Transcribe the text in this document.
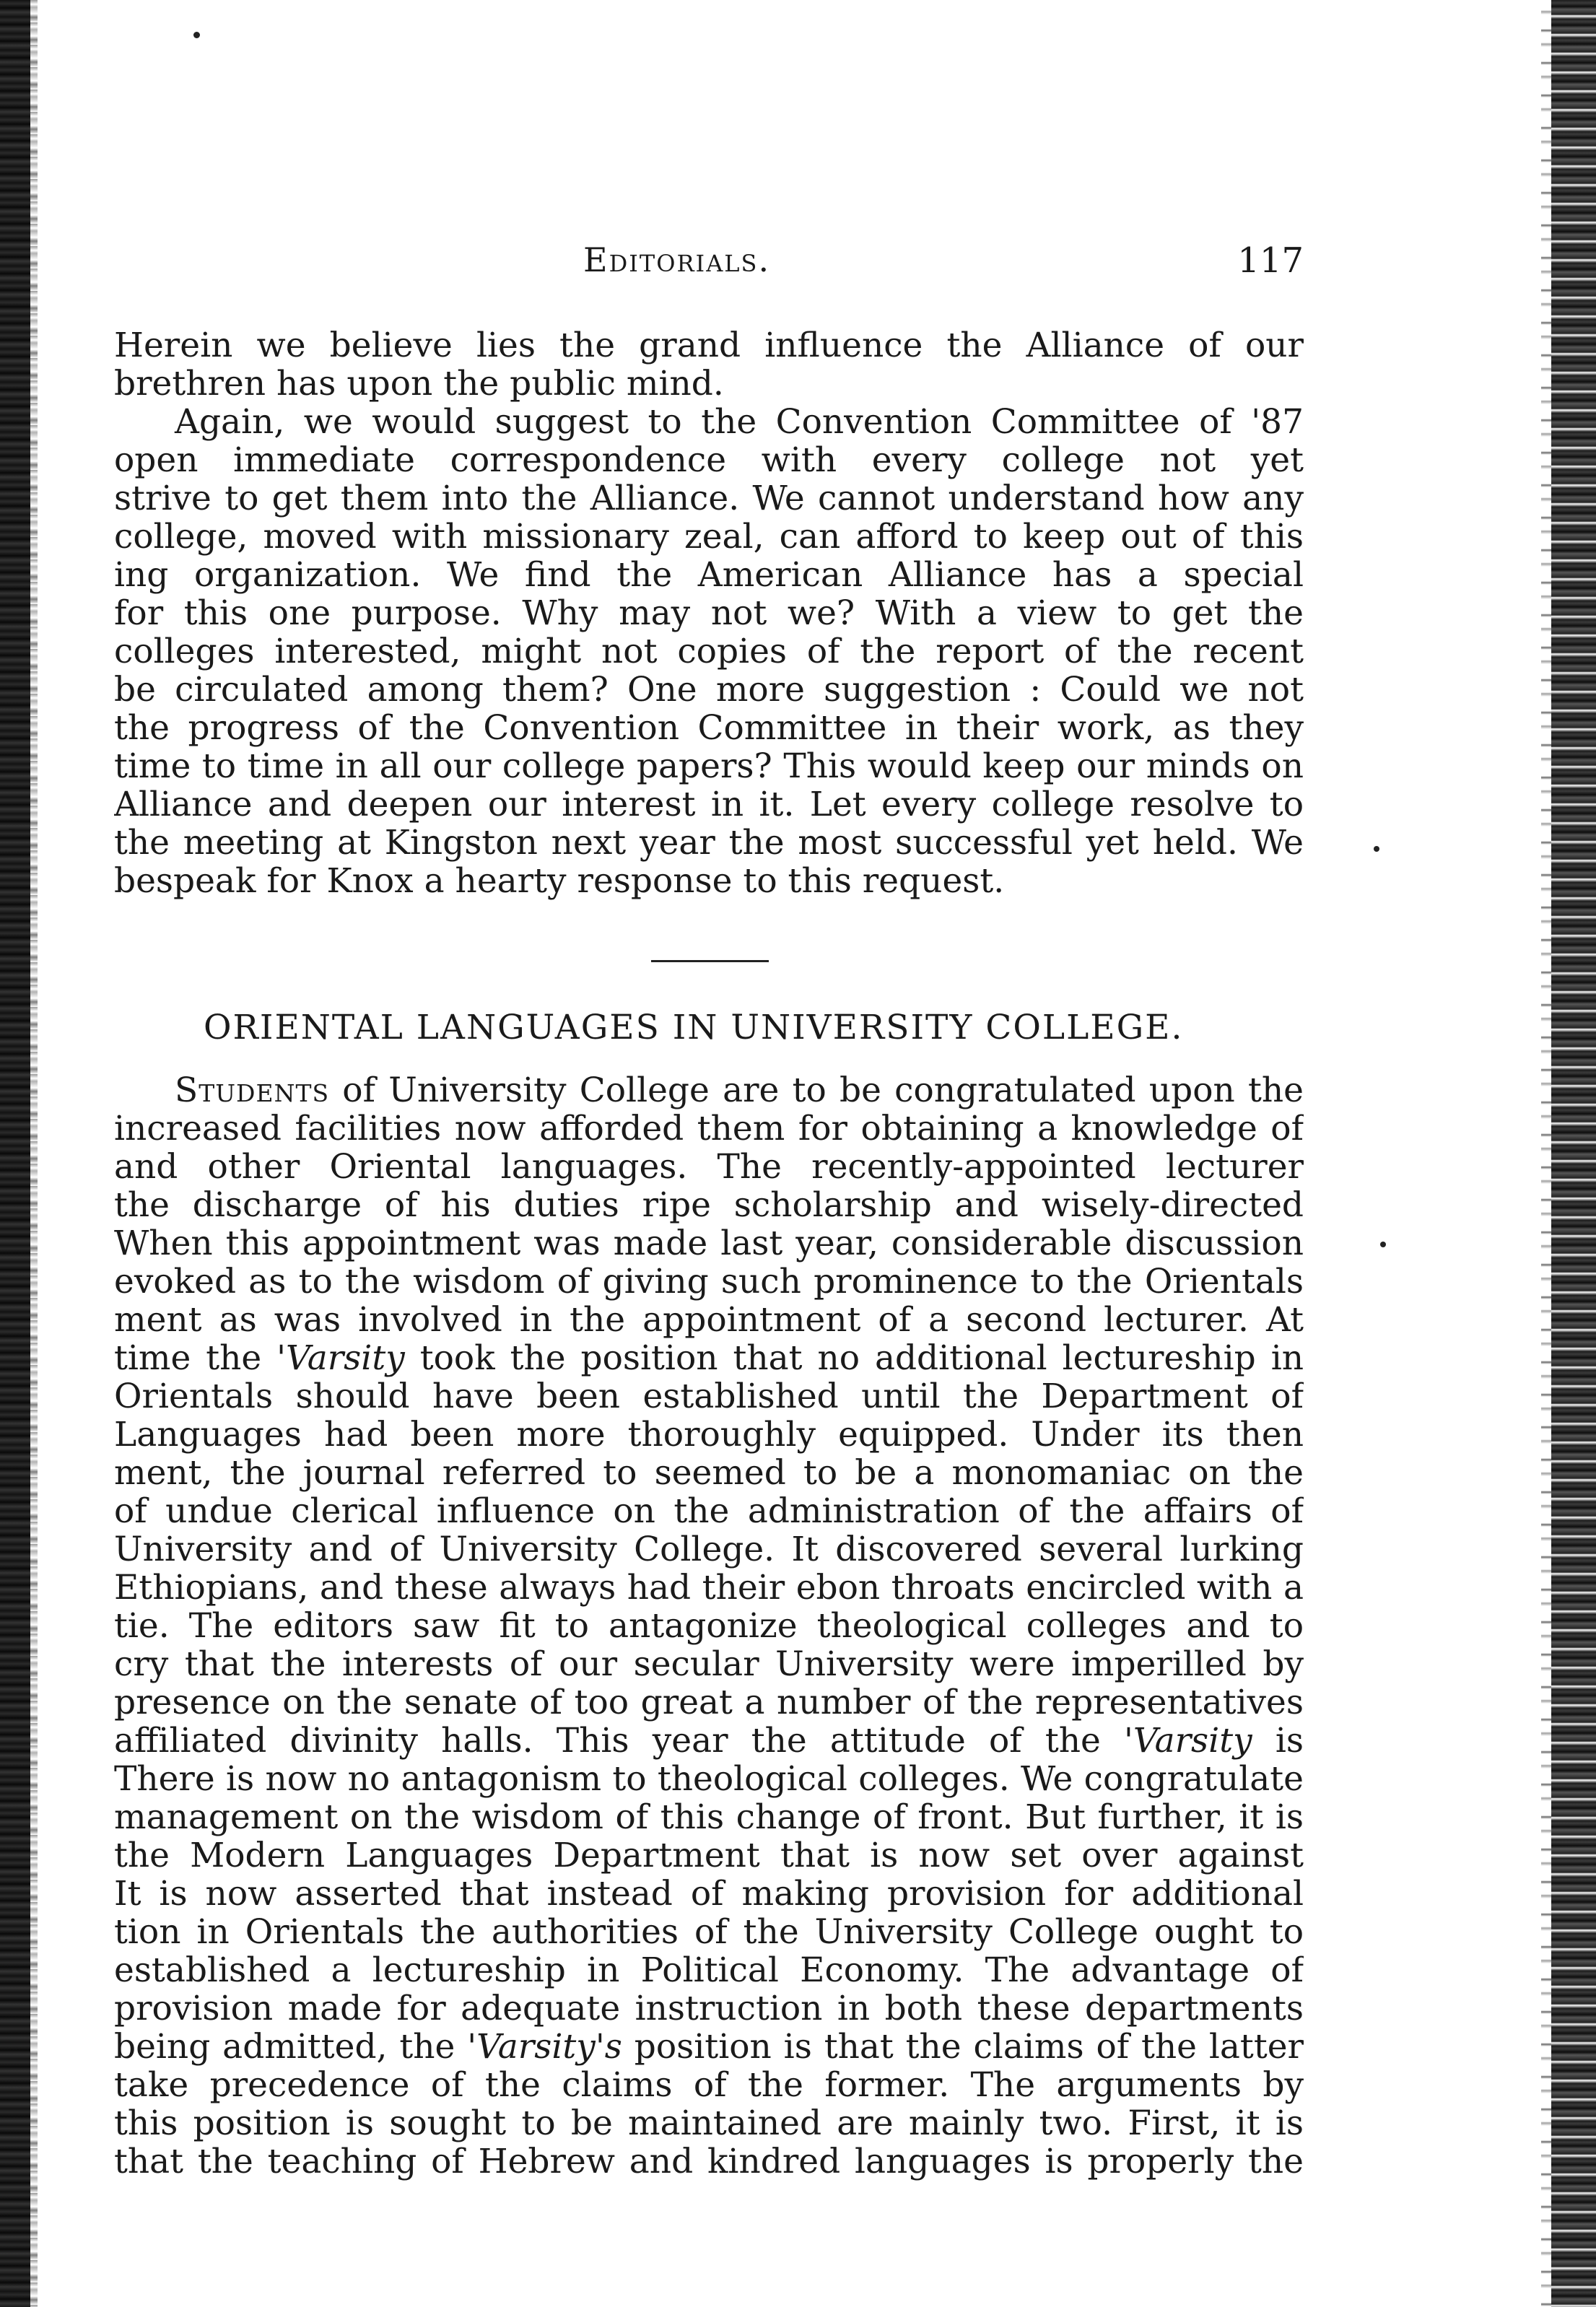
Editorials.	117
Herein we believe lies the grand influence the Alliance of our
brethren has upon the public mind.
Again, we would suggest to the Convention Committee of '87
open immediate correspondence with every college not yet
strive to get them into the Alliance. We cannot understand how any
college, moved with missionary zeal, can afford to keep out of this
ing organization. We find the American Alliance has a special
for this one purpose. Why may not we? With a view to get the
colleges interested, might not copies of the report of the recent
be circulated among them? One more suggestion : Could we not
the progress of the Convention Committee in their work, as they
time to time in all our college papers? This would keep our minds on
Alliance and deepen our interest in it. Let every college resolve to
the meeting at Kingston next year the most successful yet held. We
bespeak for Knox a hearty response to this request.
ORIENTAL LANGUAGES IN UNIVERSITY COLLEGE.
Students of University College are to be congratulated upon the
increased facilities now afforded them for obtaining a knowledge of
and other Oriental languages. The recently-appointed lecturer
the discharge of his duties ripe scholarship and wisely-directed
When this appointment was made last year, considerable discussion
evoked as to the wisdom of giving such prominence to the Orientals
ment as was involved in the appointment of a second lecturer. At
time the 'Varsity took the position that no additional lectureship in
Orientals should have been established until the Department of
Languages had been more thoroughly equipped. Under its then
ment, the journal referred to seemed to be a monomaniac on the
of undue clerical influence on the administration of the affairs of
University and of University College. It discovered several lurking
Ethiopians, and these always had their ebon throats encircled with a
tie. The editors saw fit to antagonize theological colleges and to
cry that the interests of our secular University were imperilled by
presence on the senate of too great a number of the representatives
affiliated divinity halls. This year the attitude of the 'Varsity is
There is now no antagonism to theological colleges. We congratulate
management on the wisdom of this change of front. But further, it is
the Modern Languages Department that is now set over against
It is now asserted that instead of making provision for additional
tion in Orientals the authorities of the University College ought to
established a lectureship in Political Economy. The advantage of
provision made for adequate instruction in both these departments
being admitted, the 'Varsity's position is that the claims of the latter
take precedence of the claims of the former. The arguments by
this position is sought to be maintained are mainly two. First, it is
that the teaching of Hebrew and kindred languages is properly the
